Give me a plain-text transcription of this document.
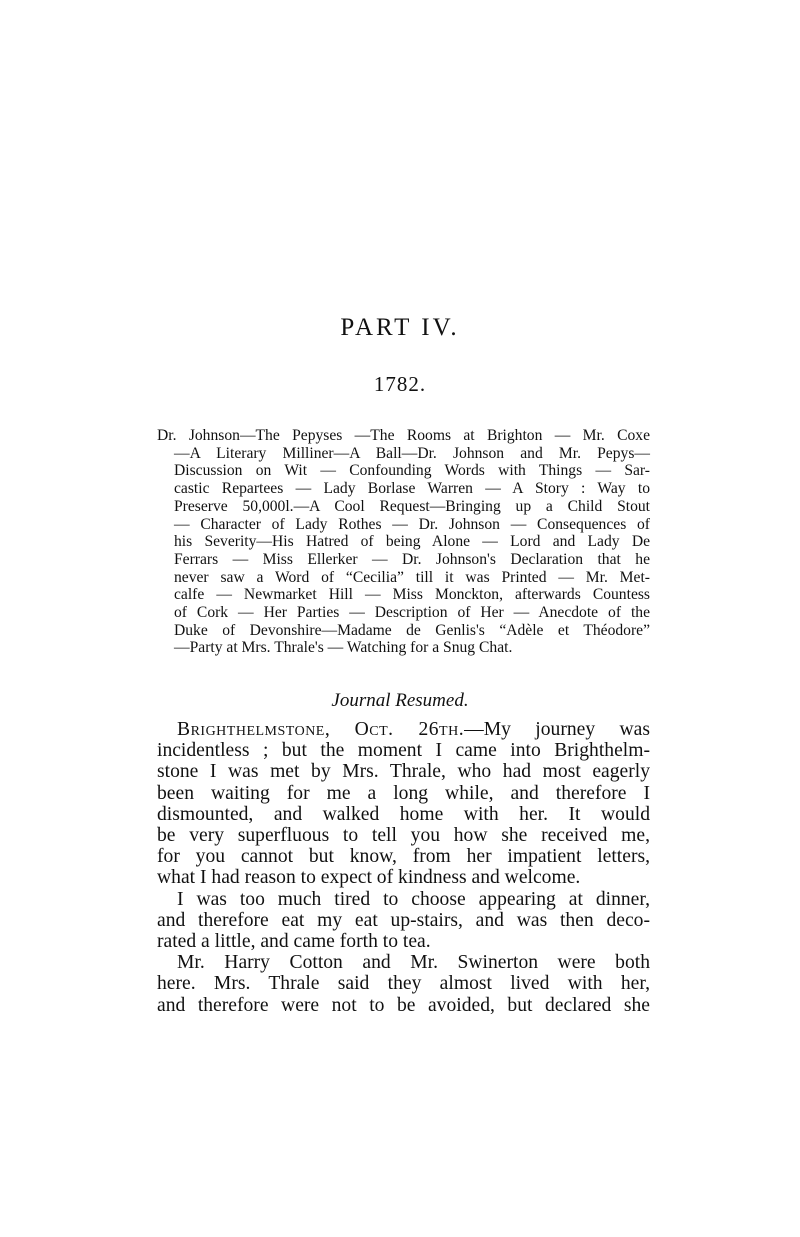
PART IV.
1782.
Dr. Johnson—The Pepyses —The Rooms at Brighton — Mr. Coxe
—A Literary Milliner—A Ball—Dr. Johnson and Mr. Pepys—
Discussion on Wit — Confounding Words with Things — Sar-
castic Repartees — Lady Borlase Warren — A Story : Way to
Preserve 50,000l.—A Cool Request—Bringing up a Child Stout
— Character of Lady Rothes — Dr. Johnson — Consequences of
his Severity—His Hatred of being Alone — Lord and Lady De
Ferrars — Miss Ellerker — Dr. Johnson's Declaration that he
never saw a Word of “Cecilia” till it was Printed — Mr. Met-
calfe — Newmarket Hill — Miss Monckton, afterwards Countess
of Cork — Her Parties — Description of Her — Anecdote of the
Duke of Devonshire—Madame de Genlis's “Adèle et Théodore”
—Party at Mrs. Thrale's — Watching for a Snug Chat.
Journal Resumed.
Brighthelmstone, Oct. 26th.—My journey was
incidentless ; but the moment I came into Brighthelm-
stone I was met by Mrs. Thrale, who had most eagerly
been waiting for me a long while, and therefore I
dismounted, and walked home with her. It would
be very superfluous to tell you how she received me,
for you cannot but know, from her impatient letters,
what I had reason to expect of kindness and welcome.
I was too much tired to choose appearing at dinner,
and therefore eat my eat up-stairs, and was then deco-
rated a little, and came forth to tea.
Mr. Harry Cotton and Mr. Swinerton were both
here. Mrs. Thrale said they almost lived with her,
and therefore were not to be avoided, but declared she
